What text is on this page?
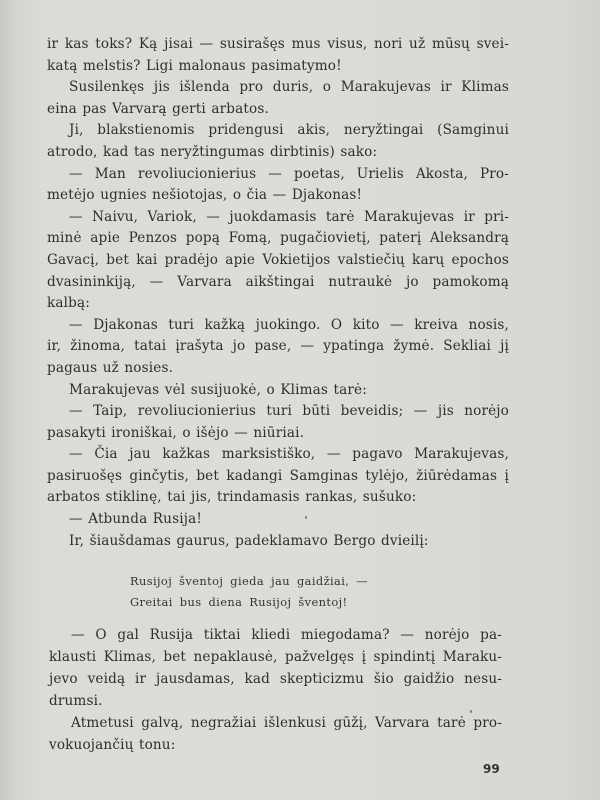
ir kas toks? Ką jisai — susirašęs mus visus, nori už mūsų svei-
katą melstis? Ligi malonaus pasimatymo!
Susilenkęs jis išlenda pro duris, o Marakujevas ir Klimas
eina pas Varvarą gerti arbatos.
Ji, blakstienomis pridengusi akis, neryžtingai (Samginui
atrodo, kad tas neryžtingumas dirbtinis) sako:
— Man revoliucionierius — poetas, Urielis Akosta, Pro-
metėjo ugnies nešiotojas, o čia — Djakonas!
— Naivu, Variok, — juokdamasis tarė Marakujevas ir pri-
minė apie Penzos popą Fomą, pugačiovietį, paterį Aleksandrą
Gavacį, bet kai pradėjo apie Vokietijos valstiečių karų epochos
dvasininkiją, — Varvara aikštingai nutraukė jo pamokomą
kalbą:
— Djakonas turi kažką juokingo. O kito — kreiva nosis,
ir, žinoma, tatai įrašyta jo pase, — ypatinga žymė. Sekliai jį
pagaus už nosies.
Marakujevas vėl susijuokė, o Klimas tarė:
— Taip, revoliucionierius turi būti beveidis; — jis norėjo
pasakyti ironiškai, o išėjo — niūriai.
— Čia jau kažkas marksistiško, — pagavo Marakujevas,
pasiruošęs ginčytis, bet kadangi Samginas tylėjo, žiūrėdamas į
arbatos stiklinę, tai jis, trindamasis rankas, sušuko:
— Atbunda Rusija!
Ir, šiaušdamas gaurus, padeklamavo Bergo dvieilį:
Rusijoj šventoj gieda jau gaidžiai, —
Greitai bus diena Rusijoj šventoj!
— O gal Rusija tiktai kliedi miegodama? — norėjo pa-
klausti Klimas, bet nepaklausė, pažvelgęs į spindintį Maraku-
jevo veidą ir jausdamas, kad skepticizmu šio gaidžio nesu-
drumsi.
Atmetusi galvą, negražiai išlenkusi gūžį, Varvara tarė pro-
vokuojančių tonu:
99
